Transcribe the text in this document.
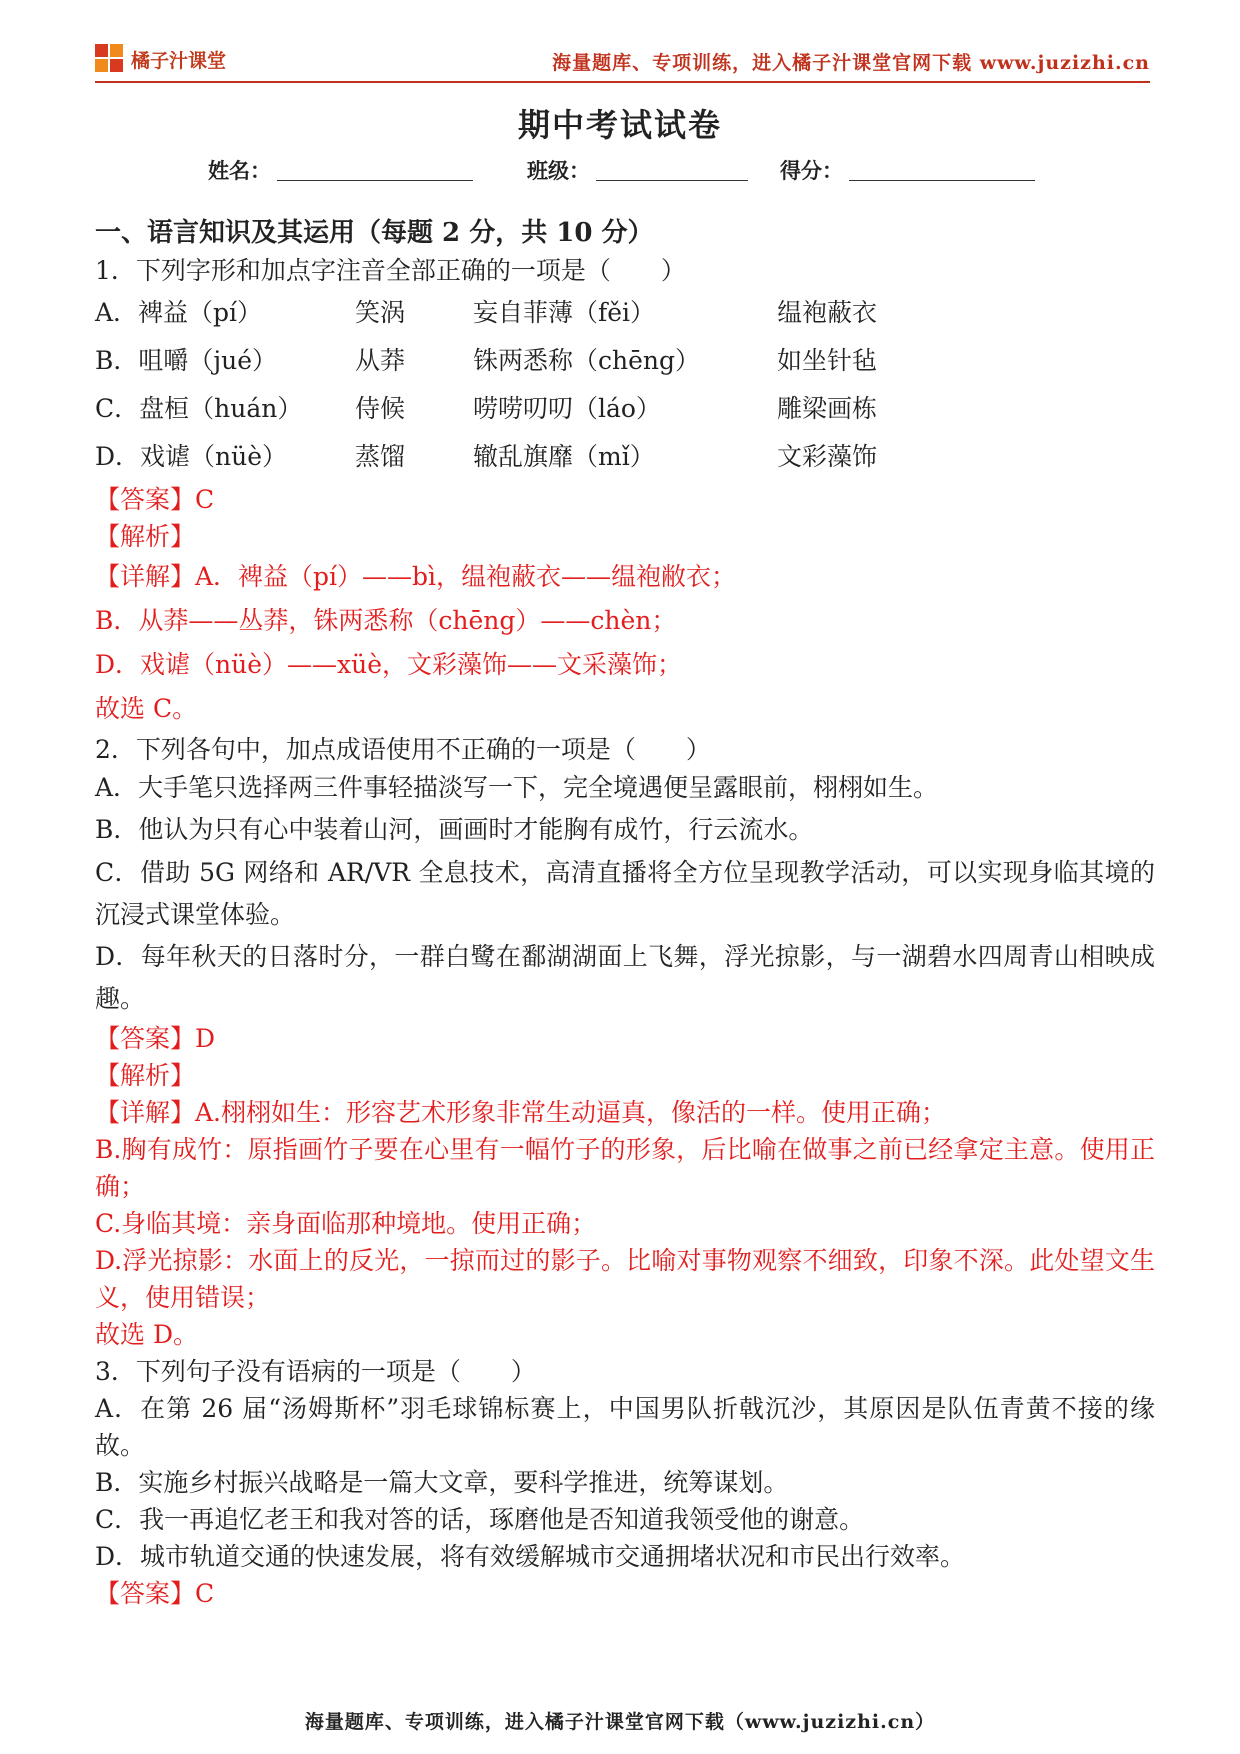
橘子汁课堂	海量题库、专项训练，进入橘子汁课堂官网下载 www.juzizhi.cn
期中考试试卷
姓名：	班级：	得分：
一、语言知识及其运用（每题 2 分，共 10 分）
1．下列字形和加点字注音全部正确的一项是（　　）
A．裨益（pí）	笑涡	妄自菲薄（fěi）	缊袍蔽衣
B．咀嚼（jué）	从莽	铢两悉称（chēng）	如坐针毡
C．盘桓（huán） 侍候	唠唠叨叨（láo）	雕梁画栋
D．戏谑（nüè）	蒸馏	辙乱旗靡（mǐ）	文彩藻饰
【答案】C
【解析】
【详解】A．裨益（pí）——bì，缊袍蔽衣——缊袍敝衣；
B．从莽——丛莽，铢两悉称（chēng）——chèn；
D．戏谑（nüè）——xüè，文彩藻饰——文采藻饰；
故选 C。
2．下列各句中，加点成语使用不正确的一项是（　　）
A．大手笔只选择两三件事轻描淡写一下，完全境遇便呈露眼前，栩栩如生。
B．他认为只有心中装着山河，画画时才能胸有成竹，行云流水。
C．借助 5G 网络和 AR/VR 全息技术，高清直播将全方位呈现教学活动，可以实现身临其境的沉浸式课堂体验。
D．每年秋天的日落时分，一群白鹭在鄱湖湖面上飞舞，浮光掠影，与一湖碧水四周青山相映成趣。
【答案】D
【解析】
【详解】A.栩栩如生：形容艺术形象非常生动逼真，像活的一样。使用正确；
B.胸有成竹：原指画竹子要在心里有一幅竹子的形象，后比喻在做事之前已经拿定主意。使用正确；
C.身临其境：亲身面临那种境地。使用正确；
D.浮光掠影：水面上的反光，一掠而过的影子。比喻对事物观察不细致，印象不深。此处望文生义，使用错误；
故选 D。
3．下列句子没有语病的一项是（　　）
A．在第 26 届“汤姆斯杯”羽毛球锦标赛上，中国男队折戟沉沙，其原因是队伍青黄不接的缘故。
B．实施乡村振兴战略是一篇大文章，要科学推进，统筹谋划。
C．我一再追忆老王和我对答的话，琢磨他是否知道我领受他的谢意。
D．城市轨道交通的快速发展，将有效缓解城市交通拥堵状况和市民出行效率。
【答案】C
海量题库、专项训练，进入橘子汁课堂官网下载（www.juzizhi.cn）
